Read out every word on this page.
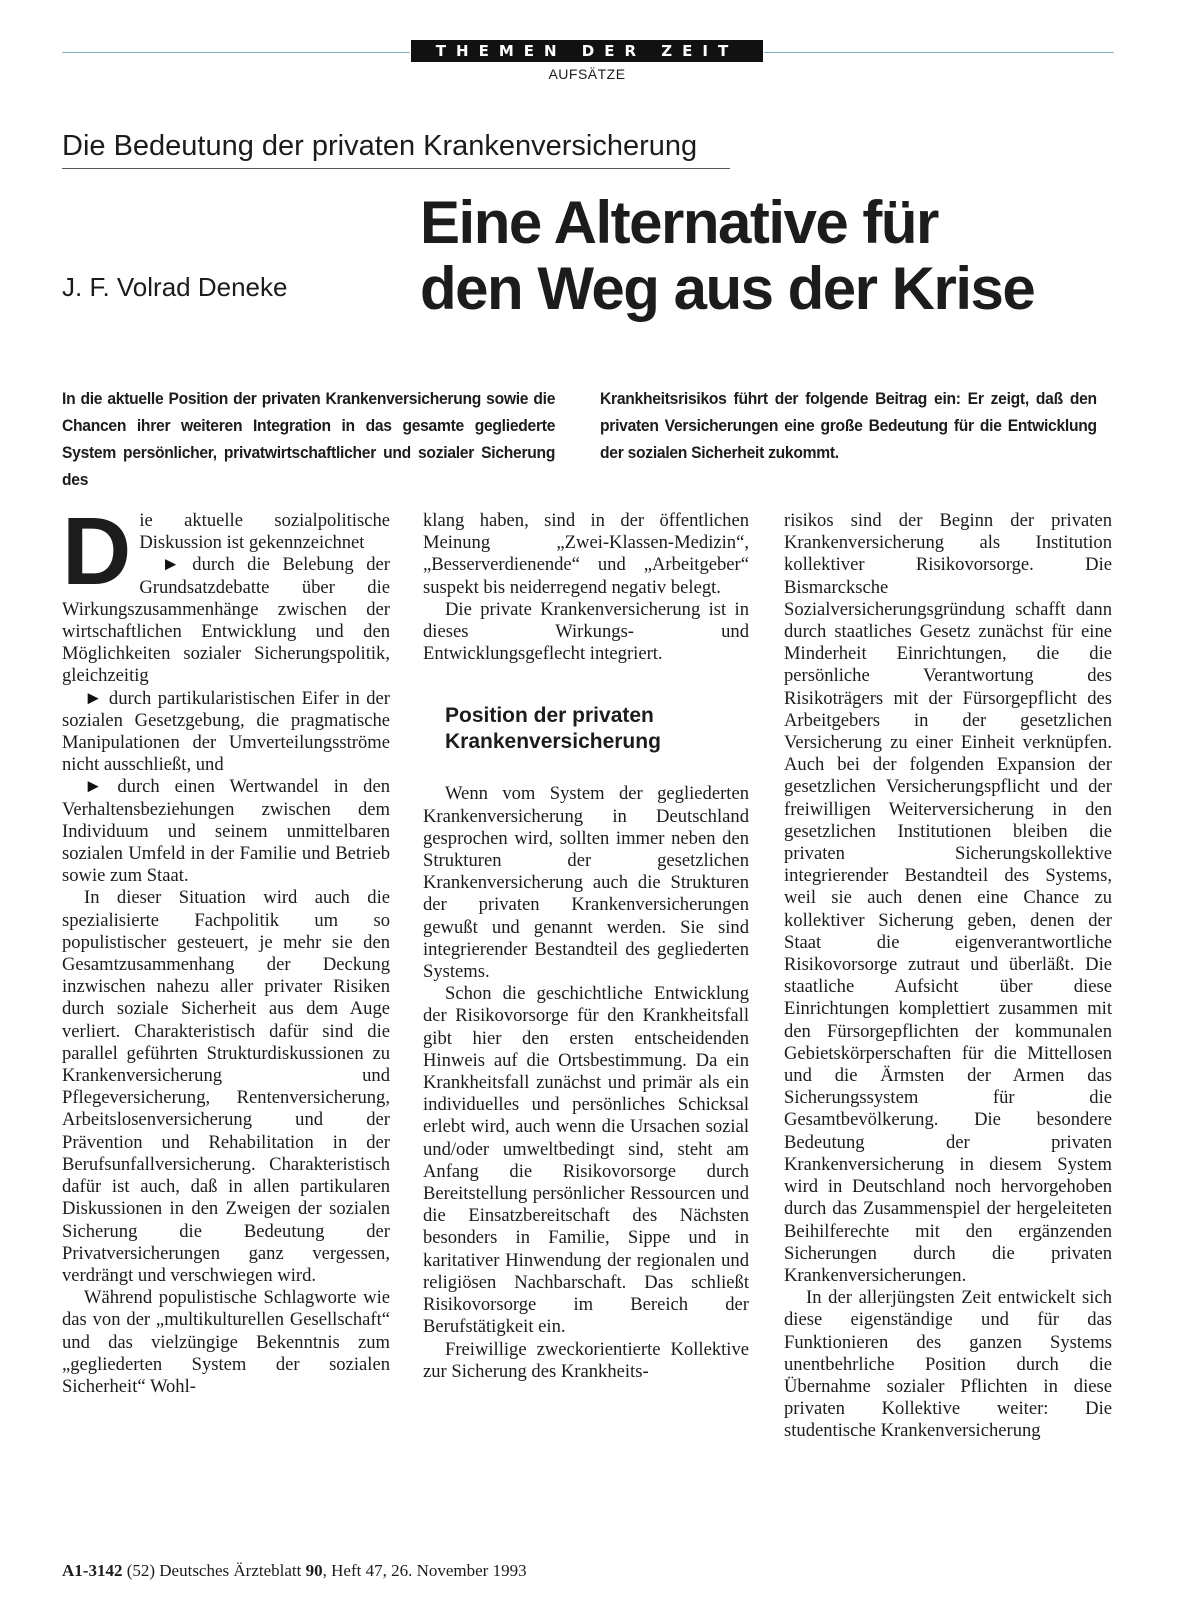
THEMEN DER ZEIT
AUFSÄTZE
Die Bedeutung der privaten Krankenversicherung
J. F. Volrad Deneke
Eine Alternative für
den Weg aus der Krise

In die aktuelle Position der privaten Krankenversicherung sowie die Chancen ihrer weiteren Integration in das gesamte gegliederte System persönlicher, privatwirtschaftlicher und sozialer Sicherung des

Krankheitsrisikos führt der folgende Beitrag ein: Er zeigt, daß den privaten Versicherungen eine große Bedeutung für die Entwicklung der sozialen Sicherheit zukommt.

D ie aktuelle sozialpolitische Diskussion ist gekennzeichnet

► durch die Belebung der Grundsatzdebatte über die Wirkungszusammenhänge zwischen der wirtschaftlichen Entwicklung und den Möglichkeiten sozialer Sicherungspolitik, gleichzeitig

► durch partikularistischen Eifer in der sozialen Gesetzgebung, die pragmatische Manipulationen der Umverteilungsströme nicht ausschließt, und

► durch einen Wertwandel in den Verhaltensbeziehungen zwischen dem Individuum und seinem unmittelbaren sozialen Umfeld in der Familie und Betrieb sowie zum Staat.

In dieser Situation wird auch die spezialisierte Fachpolitik um so populistischer gesteuert, je mehr sie den Gesamtzusammenhang der Deckung inzwischen nahezu aller privater Risiken durch soziale Sicherheit aus dem Auge verliert. Charakteristisch dafür sind die parallel geführten Strukturdiskussionen zu Krankenversicherung und Pflegeversicherung, Rentenversicherung, Arbeitslosenversicherung und der Prävention und Rehabilitation in der Berufsunfallversicherung. Charakteristisch dafür ist auch, daß in allen partikularen Diskussionen in den Zweigen der sozialen Sicherung die Bedeutung der Privatversicherungen ganz vergessen, verdrängt und verschwiegen wird.

Während populistische Schlagworte wie das von der „multikulturellen Gesellschaft“ und das vielzüngige Bekenntnis zum „gegliederten System der sozialen Sicherheit“ Wohl-

klang haben, sind in der öffentlichen Meinung „Zwei-Klassen-Medizin“, „Besserverdienende“ und „Arbeitgeber“ suspekt bis neiderregend negativ belegt.

Die private Krankenversicherung ist in dieses Wirkungs- und Entwicklungsgeflecht integriert.

Position der privaten Krankenversicherung

Wenn vom System der gegliederten Krankenversicherung in Deutschland gesprochen wird, sollten immer neben den Strukturen der gesetzlichen Krankenversicherung auch die Strukturen der privaten Krankenversicherungen gewußt und genannt werden. Sie sind integrierender Bestandteil des gegliederten Systems.

Schon die geschichtliche Entwicklung der Risikovorsorge für den Krankheitsfall gibt hier den ersten entscheidenden Hinweis auf die Ortsbestimmung. Da ein Krankheitsfall zunächst und primär als ein individuelles und persönliches Schicksal erlebt wird, auch wenn die Ursachen sozial und/oder umweltbedingt sind, steht am Anfang die Risikovorsorge durch Bereitstellung persönlicher Ressourcen und die Einsatzbereitschaft des Nächsten besonders in Familie, Sippe und in karitativer Hinwendung der regionalen und religiösen Nachbarschaft. Das schließt Risikovorsorge im Bereich der Berufstätigkeit ein.

Freiwillige zweckorientierte Kollektive zur Sicherung des Krankheits-

risikos sind der Beginn der privaten Krankenversicherung als Institution kollektiver Risikovorsorge. Die Bismarcksche Sozialversicherungsgründung schafft dann durch staatliches Gesetz zunächst für eine Minderheit Einrichtungen, die die persönliche Verantwortung des Risikoträgers mit der Fürsorgepflicht des Arbeitgebers in der gesetzlichen Versicherung zu einer Einheit verknüpfen. Auch bei der folgenden Expansion der gesetzlichen Versicherungspflicht und der freiwilligen Weiterversicherung in den gesetzlichen Institutionen bleiben die privaten Sicherungskollektive integrierender Bestandteil des Systems, weil sie auch denen eine Chance zu kollektiver Sicherung geben, denen der Staat die eigenverantwortliche Risikovorsorge zutraut und überläßt. Die staatliche Aufsicht über diese Einrichtungen komplettiert zusammen mit den Fürsorgepflichten der kommunalen Gebietskörperschaften für die Mittellosen und die Ärmsten der Armen das Sicherungssystem für die Gesamtbevölkerung. Die besondere Bedeutung der privaten Krankenversicherung in diesem System wird in Deutschland noch hervorgehoben durch das Zusammenspiel der hergeleiteten Beihilferechte mit den ergänzenden Sicherungen durch die privaten Krankenversicherungen.

In der allerjüngsten Zeit entwickelt sich diese eigenständige und für das Funktionieren des ganzen Systems unentbehrliche Position durch die Übernahme sozialer Pflichten in diese privaten Kollektive weiter: Die studentische Krankenversicherung

A1-3142 (52) Deutsches Ärzteblatt 90, Heft 47, 26. November 1993
